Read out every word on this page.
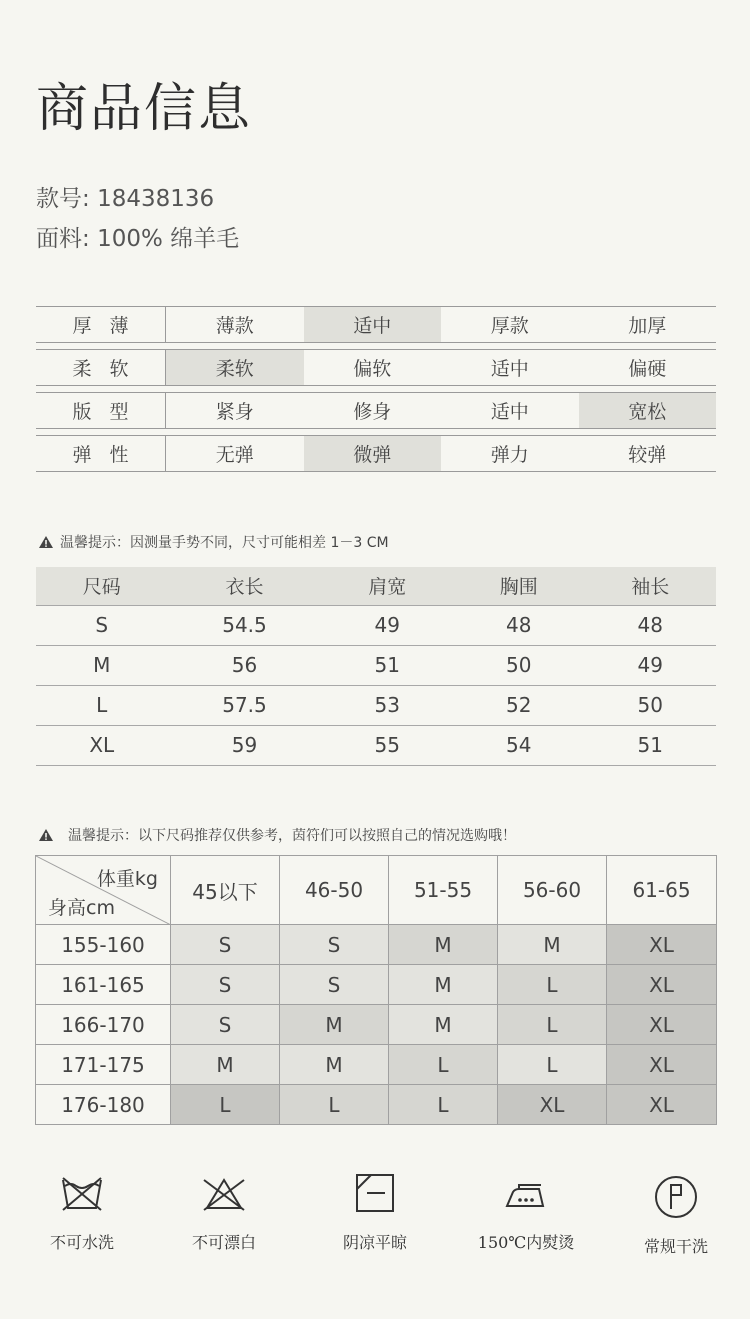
商品信息
款号: 18438136
面料: 100% 绵羊毛
厚薄	薄款	适中	厚款	加厚
柔软	柔软	偏软	适中	偏硬
版型	紧身	修身	适中	宽松
弹性	无弹	微弹	弹力	较弹
温馨提示：因测量手势不同，尺寸可能相差 1－3 CM
尺码	衣长	肩宽	胸围	袖长
S	54.5	49	48	48
M	56	51	50	49
L	57.5	53	52	50
XL	59	55	54	51
温馨提示：以下尺码推荐仅供参考，茵符们可以按照自己的情况选购哦！
体重kg
身高cm	45以下	46-50	51-55	56-60	61-65
155-160	S	S	M	M	XL
161-165	S	S	M	L	XL
166-170	S	M	M	L	XL
171-175	M	M	L	L	XL
176-180	L	L	L	XL	XL
不可水洗	不可漂白	阴凉平晾	150℃内熨烫	常规干洗
